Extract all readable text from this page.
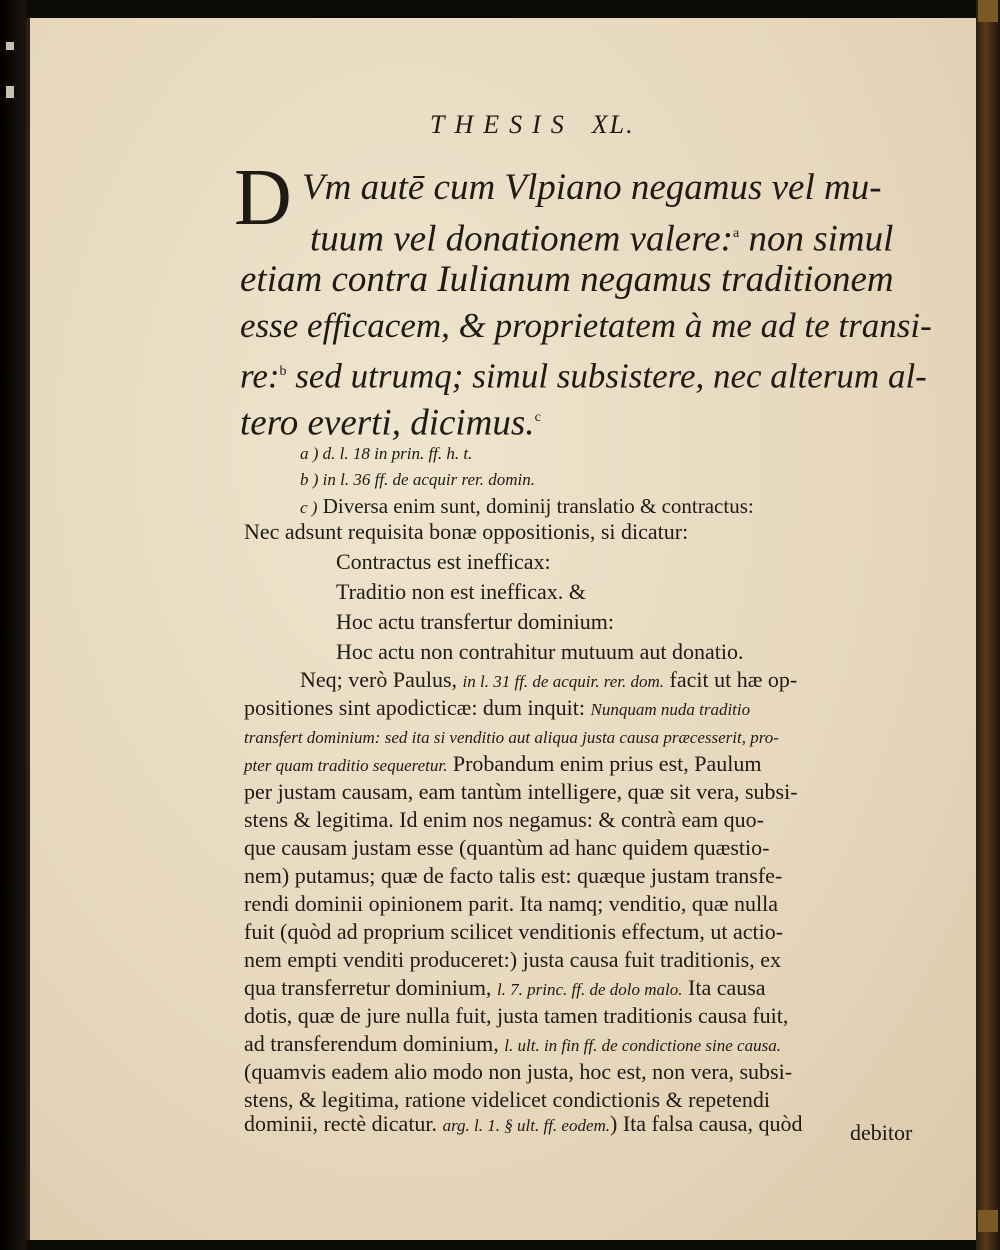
THESIS XL.
D Vm autē cum Vlpiano negamus vel mu-
tuum vel donationem valere:$^a$ non simul
etiam contra Iulianum negamus traditionem
esse efficacem, & proprietatem à me ad te transi-
re:$^b$ sed utrumq; simul subsistere, nec alterum al-
tero everti, dicimus.$^c$
a ) d. l. 18 in prin. ff. h. t.
b ) in l. 36 ff. de acquir rer. domin.
c ) Diversa enim sunt, dominij translatio & contractus:
Nec adsunt requisita bonæ oppositionis, si dicatur:
Contractus est inefficax:
Traditio non est inefficax. &
Hoc actu transfertur dominium:
Hoc actu non contrahitur mutuum aut donatio.
Neq; verò Paulus, in l. 31 ff. de acquir. rer. dom. facit ut hæ op-
positiones sint apodicticæ: dum inquit: Nunquam nuda traditio
transfert dominium: sed ita si venditio aut aliqua justa causa præcesserit, pro-
pter quam traditio sequeretur. Probandum enim prius est, Paulum
per justam causam, eam tantùm intelligere, quæ sit vera, subsi-
stens & legitima. Id enim nos negamus: & contrà eam quo-
que causam justam esse (quantùm ad hanc quidem quæstio-
nem) putamus; quæ de facto talis est: quæque justam transfe-
rendi dominii opinionem parit. Ita namq; venditio, quæ nulla
fuit (quòd ad proprium scilicet venditionis effectum, ut actio-
nem empti venditi produceret:) justa causa fuit traditionis, ex
qua transferretur dominium, l. 7. princ. ff. de dolo malo. Ita causa
dotis, quæ de jure nulla fuit, justa tamen traditionis causa fuit,
ad transferendum dominium, l. ult. in fin ff. de condictione sine causa.
(quamvis eadem alio modo non justa, hoc est, non vera, subsi-
stens, & legitima, ratione videlicet condictionis & repetendi
dominii, rectè dicatur. arg. l. 1. § ult. ff. eodem.) Ita falsa causa, quòd debitor
